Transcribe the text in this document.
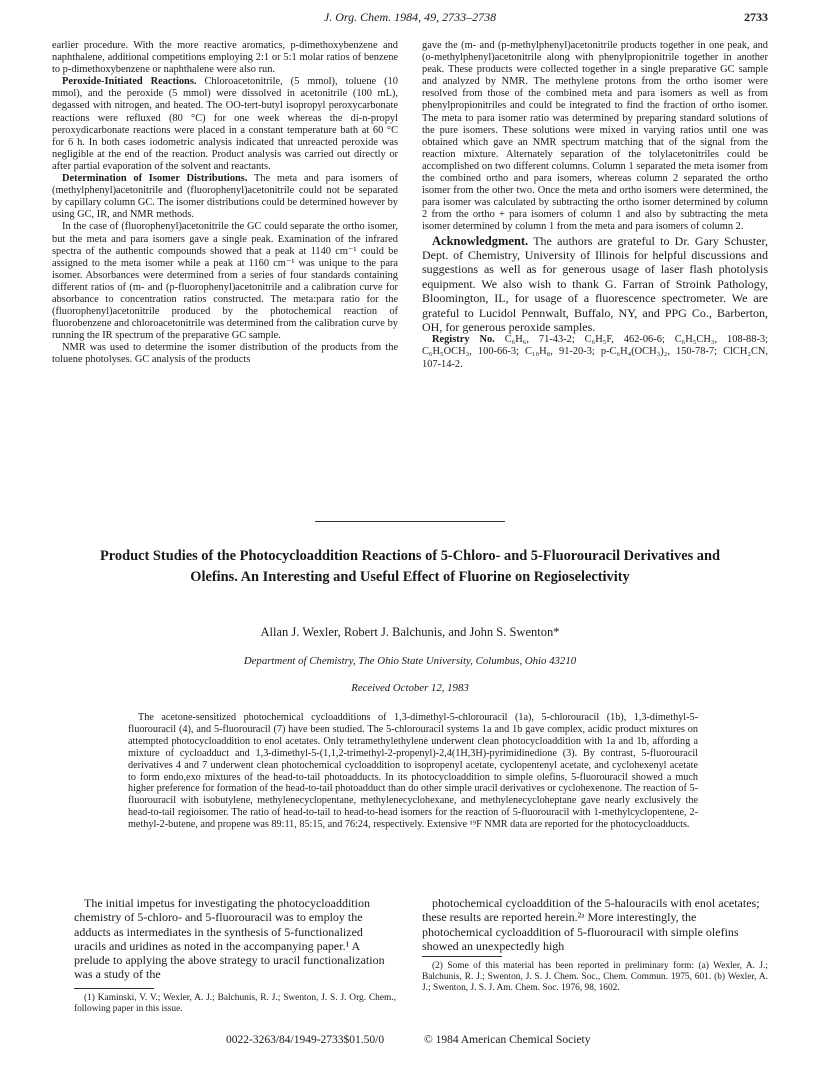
J. Org. Chem. 1984, 49, 2733–2738	2733

earlier procedure. With the more reactive aromatics, p-dimethoxybenzene and naphthalene, additional competitions employing 2:1 or 5:1 molar ratios of benzene to p-dimethoxybenzene or naphthalene were also run.

Peroxide-Initiated Reactions. Chloroacetonitrile, (5 mmol), toluene (10 mmol), and the peroxide (5 mmol) were dissolved in acetonitrile (100 mL), degassed with nitrogen, and heated. The OO-tert-butyl isopropyl peroxycarbonate reactions were refluxed (80 °C) for one week whereas the di-n-propyl peroxydicarbonate reactions were placed in a constant temperature bath at 60 °C for 6 h. In both cases iodometric analysis indicated that unreacted peroxide was negligible at the end of the reaction. Product analysis was carried out directly or after partial evaporation of the solvent and reactants.

Determination of Isomer Distributions. The meta and para isomers of (methylphenyl)acetonitrile and (fluorophenyl)acetonitrile could not be separated by capillary column GC. The isomer distributions could be determined however by using GC, IR, and NMR methods.

In the case of (fluorophenyl)acetonitrile the GC could separate the ortho isomer, but the meta and para isomers gave a single peak. Examination of the infrared spectra of the authentic compounds showed that a peak at 1140 cm⁻¹ could be assigned to the meta isomer while a peak at 1160 cm⁻¹ was unique to the para isomer. Absorbances were determined from a series of four standards containing different ratios of (m- and (p-fluorophenyl)acetonitrile and a calibration curve for absorbance to concentration ratios constructed. The meta:para ratio for the (fluorophenyl)acetonitrile produced by the photochemical reaction of fluorobenzene and chloroacetonitrile was determined from the calibration curve by running the IR spectrum of the preparative GC sample.

NMR was used to determine the isomer distribution of the products from the toluene photolyses. GC analysis of the products

gave the (m- and (p-methylphenyl)acetonitrile products together in one peak, and (o-methylphenyl)acetonitrile along with phenylpropionitrile together in another peak. These products were collected together in a single preparative GC sample and analyzed by NMR. The methylene protons from the ortho isomer were resolved from those of the combined meta and para isomers as well as from phenylpropionitriles and could be integrated to find the fraction of ortho isomer. The meta to para isomer ratio was determined by preparing standard solutions of the pure isomers. These solutions were mixed in varying ratios until one was obtained which gave an NMR spectrum matching that of the signal from the reaction mixture. Alternately separation of the tolylacetonitriles could be accomplished on two different columns. Column 1 separated the meta isomer from the combined ortho and para isomers, whereas column 2 separated the ortho isomer from the other two. Once the meta and ortho isomers were determined, the para isomer was calculated by subtracting the ortho isomer determined by column 2 from the ortho + para isomers of column 1 and also by subtracting the meta isomer determined by column 1 from the meta and para isomers of column 2.

Acknowledgment. The authors are grateful to Dr. Gary Schuster, Dept. of Chemistry, University of Illinois for helpful discussions and suggestions as well as for generous usage of laser flash photolysis equipment. We also wish to thank G. Farran of Stroink Pathology, Bloomington, IL, for usage of a fluorescence spectrometer. We are grateful to Lucidol Pennwalt, Buffalo, NY, and PPG Co., Barberton, OH, for generous peroxide samples.

Registry No. C₆H₆, 71-43-2; C₆H₅F, 462-06-6; C₆H₅CH₃, 108-88-3; C₆H₅OCH₃, 100-66-3; C₁₀H₈, 91-20-3; p-C₆H₄(OCH₃)₂, 150-78-7; ClCH₂CN, 107-14-2.

Product Studies of the Photocycloaddition Reactions of 5-Chloro- and 5-Fluorouracil Derivatives and Olefins. An Interesting and Useful Effect of Fluorine on Regioselectivity
Allan J. Wexler, Robert J. Balchunis, and John S. Swenton*
Department of Chemistry, The Ohio State University, Columbus, Ohio 43210
Received October 12, 1983
The acetone-sensitized photochemical cycloadditions of 1,3-dimethyl-5-chlorouracil (1a), 5-chlorouracil (1b), 1,3-dimethyl-5-fluorouracil (4), and 5-fluorouracil (7) have been studied. The 5-chlorouracil systems 1a and 1b gave complex, acidic product mixtures on attempted photocycloaddition to enol acetates. Only tetramethylethylene underwent clean photocycloaddition with 1a and 1b, affording a mixture of cycloadduct and 1,3-dimethyl-5-(1,1,2-trimethyl-2-propenyl)-2,4(1H,3H)-pyrimidinedione (3). By contrast, 5-fluorouracil derivatives 4 and 7 underwent clean photochemical cycloaddition to isopropenyl acetate, cyclopentenyl acetate, and cyclohexenyl acetate to form endo,exo mixtures of the head-to-tail photoadducts. In its photocycloaddition to simple olefins, 5-fluorouracil showed a much higher preference for formation of the head-to-tail photoadduct than do other simple uracil derivatives or cyclohexenone. The reaction of 5-fluorouracil with isobutylene, methylenecyclopentane, methylenecyclohexane, and methylenecycloheptane gave nearly exclusively the head-to-tail regioisomer. The ratio of head-to-tail to head-to-head isomers for the reaction of 5-fluorouracil with 1-methylcyclopentene, 2-methyl-2-butene, and propene was 89:11, 85:15, and 76:24, respectively. Extensive ¹⁹F NMR data are reported for the photocycloadducts.
The initial impetus for investigating the photocycloaddition chemistry of 5-chloro- and 5-fluorouracil was to employ the adducts as intermediates in the synthesis of 5-functionalized uracils and uridines as noted in the accompanying paper.¹ A prelude to applying the above strategy to uracil functionalization was a study of the
photochemical cycloaddition of the 5-halouracils with enol acetates; these results are reported herein.²ᵃ More interestingly, the photochemical cycloaddition of 5-fluorouracil with simple olefins showed an unexpectedly high
(1) Kaminski, V. V.; Wexler, A. J.; Balchunis, R. J.; Swenton, J. S. J. Org. Chem., following paper in this issue.
(2) Some of this material has been reported in preliminary form: (a) Wexler, A. J.; Balchunis, R. J.; Swenton, J. S. J. Chem. Soc., Chem. Commun. 1975, 601. (b) Wexler, A. J.; Swenton, J. S. J. Am. Chem. Soc. 1976, 98, 1602.
0022-3263/84/1949-2733$01.50/0	© 1984 American Chemical Society
